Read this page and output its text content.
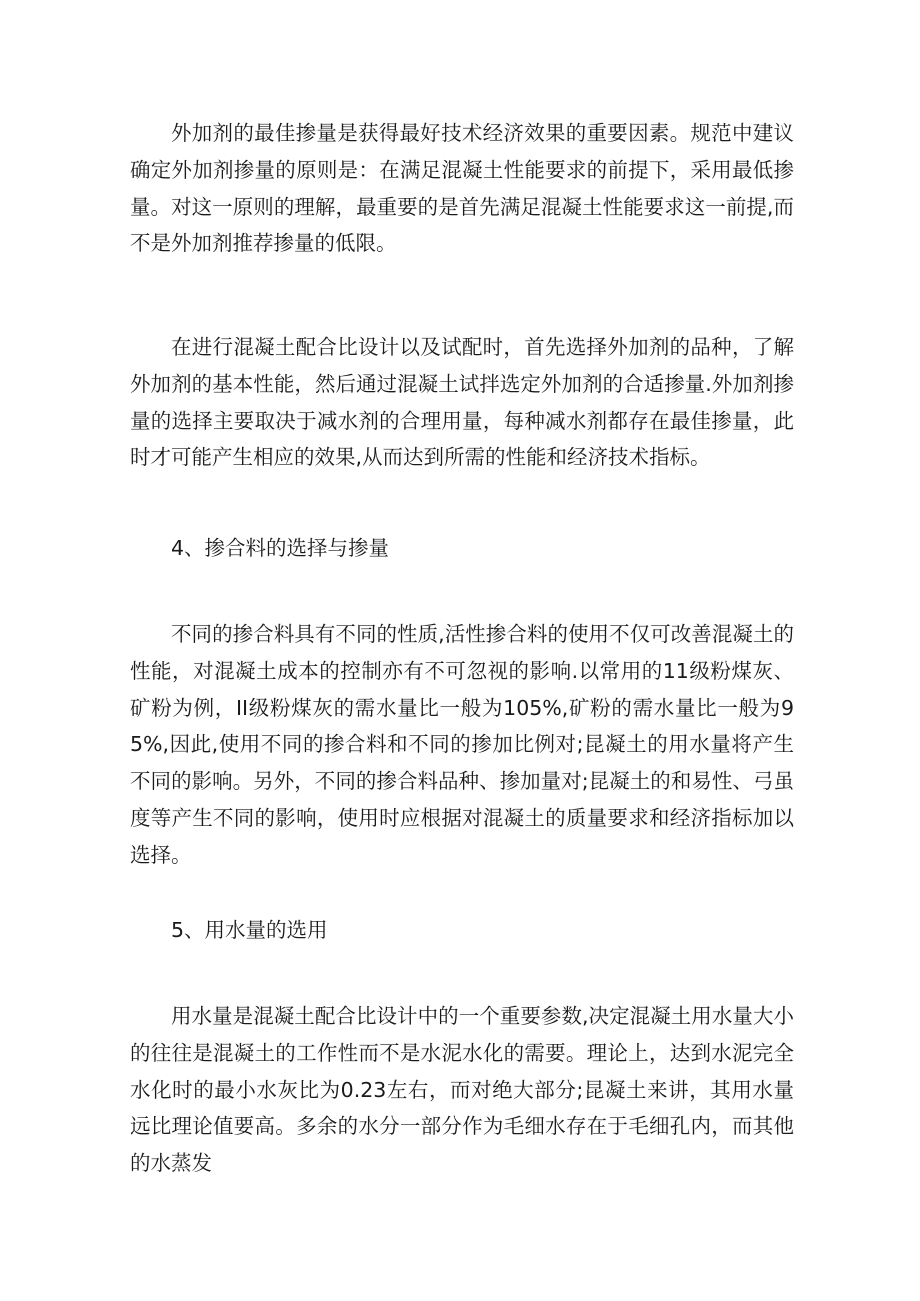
外加剂的最佳掺量是获得最好技术经济效果的重要因素。规范中建议确定外加剂掺量的原则是：在满足混凝土性能要求的前提下，采用最低掺量。对这一原则的理解，最重要的是首先满足混凝土性能要求这一前提,而不是外加剂推荐掺量的低限。

在进行混凝土配合比设计以及试配时，首先选择外加剂的品种，了解外加剂的基本性能，然后通过混凝土试拌选定外加剂的合适掺量.外加剂掺量的选择主要取决于减水剂的合理用量，每种减水剂都存在最佳掺量，此时才可能产生相应的效果,从而达到所需的性能和经济技术指标。

4、掺合料的选择与掺量

不同的掺合料具有不同的性质,活性掺合料的使用不仅可改善混凝土的性能，对混凝土成本的控制亦有不可忽视的影响.以常用的11级粉煤灰、矿粉为例，II级粉煤灰的需水量比一般为105%,矿粉的需水量比一般为95%,因此,使用不同的掺合料和不同的掺加比例对;昆凝土的用水量将产生不同的影响。另外，不同的掺合料品种、掺加量对;昆凝土的和易性、弓虽度等产生不同的影响，使用时应根据对混凝土的质量要求和经济指标加以选择。

5、用水量的选用

用水量是混凝土配合比设计中的一个重要参数,决定混凝土用水量大小的往往是混凝土的工作性而不是水泥水化的需要。理论上，达到水泥完全水化时的最小水灰比为0.23左右，而对绝大部分;昆凝土来讲，其用水量远比理论值要高。多余的水分一部分作为毛细水存在于毛细孔内，而其他的水蒸发
